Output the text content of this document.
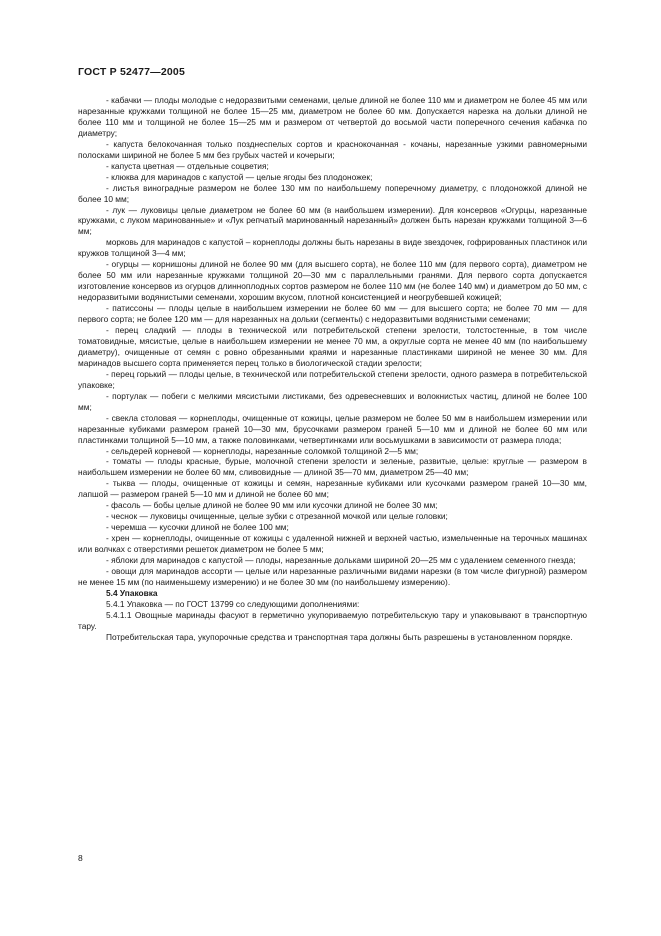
ГОСТ Р 52477—2005

- кабачки — плоды молодые с недоразвитыми семенами, целые длиной не более 110 мм и диаметром не более 45 мм или нарезанные кружками толщиной не более 15—25 мм, диаметром не более 60 мм. Допускается нарезка на дольки длиной не более 110 мм и толщиной не более 15—25 мм и размером от четвертой до восьмой части поперечного сечения кабачка по диаметру;

- капуста белокочанная только позднеспелых сортов и краснокочанная - кочаны, нарезанные узкими равномерными полосками шириной не более 5 мм без грубых частей и кочерыги;

- капуста цветная — отдельные соцветия;

- клюква для маринадов с капустой — целые ягоды без плодоножек;

- листья виноградные размером не более 130 мм по наибольшему поперечному диаметру, с плодоножкой длиной не более 10 мм;

- лук — луковицы целые диаметром не более 60 мм (в наибольшем измерении). Для консервов «Огурцы, нарезанные кружками, с луком маринованные» и «Лук репчатый маринованный нарезанный» должен быть нарезан кружками толщиной 3—6 мм;

морковь для маринадов с капустой – корнеплоды должны быть нарезаны в виде звездочек, гофрированных пластинок или кружков толщиной 3—4 мм;

- огурцы — корнишоны длиной не более 90 мм (для высшего сорта), не более 110 мм (для первого сорта), диаметром не более 50 мм или нарезанные кружками толщиной 20—30 мм с параллельными гранями. Для первого сорта допускается изготовление консервов из огурцов длинноплодных сортов размером не более 110 мм (не более 140 мм) и диаметром до 50 мм, с недоразвитыми водянистыми семенами, хорошим вкусом, плотной консистенцией и неогрубевшей кожицей;

- патиссоны — плоды целые в наибольшем измерении не более 60 мм — для высшего сорта; не более 70 мм — для первого сорта; не более 120 мм — для нарезанных на дольки (сегменты) с недоразвитыми водянистыми семенами;

- перец сладкий — плоды в технической или потребительской степени зрелости, толстостенные, в том числе томатовидные, мясистые, целые в наибольшем измерении не менее 70 мм, а округлые сорта не менее 40 мм (по наибольшему диаметру), очищенные от семян с ровно обрезанными краями и нарезанные пластинками шириной не менее 30 мм. Для маринадов высшего сорта применяется перец только в биологической стадии зрелости;

- перец горький — плоды целые, в технической или потребительской степени зрелости, одного размера в потребительской упаковке;

- портулак — побеги с мелкими мясистыми листиками, без одревесневших и волокнистых частиц, длиной не более 100 мм;

- свекла столовая — корнеплоды, очищенные от кожицы, целые размером не более 50 мм в наибольшем измерении или нарезанные кубиками размером граней 10—30 мм, брусочками размером граней 5—10 мм и длиной не более 60 мм или пластинками толщиной 5—10 мм, а также половинками, четвертинками или восьмушками в зависимости от размера плода;

- сельдерей корневой — корнеплоды, нарезанные соломкой толщиной 2—5 мм;

- томаты — плоды красные, бурые, молочной степени зрелости и зеленые, развитые, целые: круглые — размером в наибольшем измерении не более 60 мм, сливовидные — длиной 35—70 мм, диаметром 25—40 мм;

- тыква — плоды, очищенные от кожицы и семян, нарезанные кубиками или кусочками размером граней 10—30 мм, лапшой — размером граней 5—10 мм и длиной не более 60 мм;

- фасоль — бобы целые длиной не более 90 мм или кусочки длиной не более 30 мм;

- чеснок — луковицы очищенные, целые зубки с отрезанной мочкой или целые головки;

- черемша — кусочки длиной не более 100 мм;

- хрен — корнеплоды, очищенные от кожицы с удаленной нижней и верхней частью, измельченные на терочных машинах или волчках с отверстиями решеток диаметром не более 5 мм;

- яблоки для маринадов с капустой — плоды, нарезанные дольками шириной 20—25 мм с удалением семенного гнезда;

- овощи для маринадов ассорти — целые или нарезанные различными видами нарезки (в том числе фигурной) размером не менее 15 мм (по наименьшему измерению) и не более 30 мм (по наибольшему измерению).

5.4 Упаковка

5.4.1 Упаковка — по ГОСТ 13799 со следующими дополнениями:

5.4.1.1 Овощные маринады фасуют в герметично укупориваемую потребительскую тару и упаковывают в транспортную тару.

Потребительская тара, укупорочные средства и транспортная тара должны быть разрешены в установленном порядке.

8
